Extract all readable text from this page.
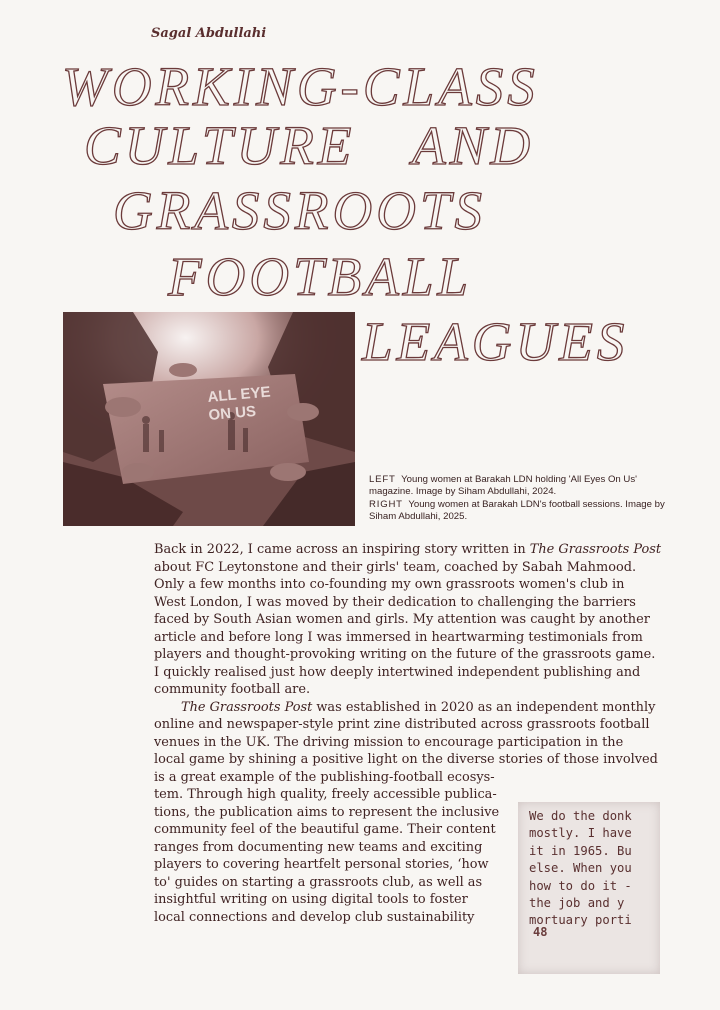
Sagal Abdullahi
WORKING-CLASS
CULTURE AND
GRASSROOTS
FOOTBALL
LEAGUES
ALL EYE
ON US
LEFT Young women at Barakah LDN holding 'All Eyes On Us' magazine. Image by Siham Abdullahi, 2024.
RIGHT Young women at Barakah LDN's football sessions. Image by Siham Abdullahi, 2025.

Back in 2022, I came across an inspiring story written in The Grassroots Post

about FC Leytonstone and their girls' team, coached by Sabah Mahmood.

Only a few months into co-founding my own grassroots women's club in

West London, I was moved by their dedication to challenging the barriers

faced by South Asian women and girls. My attention was caught by another

article and before long I was immersed in heartwarming testimonials from

players and thought-provoking writing on the future of the grassroots game.

I quickly realised just how deeply intertwined independent publishing and

community football are.

The Grassroots Post was established in 2020 as an independent monthly

online and newspaper-style print zine distributed across grassroots football

venues in the UK. The driving mission to encourage participation in the

local game by shining a positive light on the diverse stories of those involved

is a great example of the publishing-football ecosys-

tem. Through high quality, freely accessible publica-

tions, the publication aims to represent the inclusive

community feel of the beautiful game. Their content

ranges from documenting new teams and exciting

players to covering heartfelt personal stories, ‘how

to' guides on starting a grassroots club, as well as

insightful writing on using digital tools to foster

local connections and develop club sustainability

We do the donk
mostly. I have
it in 1965. Bu
else. When you
how to do it -
the job and y
mortuary porti
48
